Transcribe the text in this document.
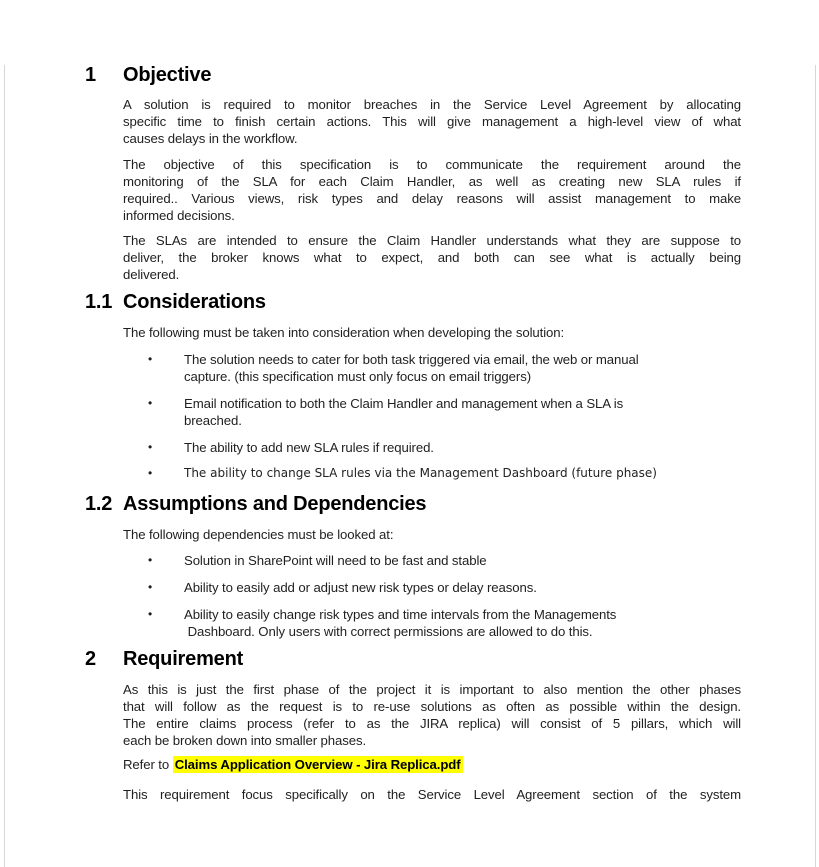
1	Objective
A solution is required to monitor breaches in the Service Level Agreement by allocating
specific time to finish certain actions. This will give management a high-level view of what
causes delays in the workflow.
The objective of this specification is to communicate the requirement around the
monitoring of the SLA for each Claim Handler, as well as creating new SLA rules if
required.. Various views, risk types and delay reasons will assist management to make
informed decisions.
The SLAs are intended to ensure the Claim Handler understands what they are suppose to
deliver, the broker knows what to expect, and both can see what is actually being
delivered.
1.1 Considerations
The following must be taken into consideration when developing the solution:
•	The solution needs to cater for both task triggered via email, the web or manual
capture. (this specification must only focus on email triggers)
•	Email notification to both the Claim Handler and management when a SLA is
breached.
•	The ability to add new SLA rules if required.
•	The ability to change SLA rules via the Management Dashboard (future phase)
1.2 Assumptions and Dependencies
The following dependencies must be looked at:
•	Solution in SharePoint will need to be fast and stable
•	Ability to easily add or adjust new risk types or delay reasons.
•	Ability to easily change risk types and time intervals from the Managements
Dashboard. Only users with correct permissions are allowed to do this.
2	Requirement
As this is just the first phase of the project it is important to also mention the other phases
that will follow as the request is to re-use solutions as often as possible within the design.
The entire claims process (refer to as the JIRA replica) will consist of 5 pillars, which will
each be broken down into smaller phases.
Refer to Claims Application Overview - Jira Replica.pdf
This requirement focus specifically on the Service Level Agreement section of the system
